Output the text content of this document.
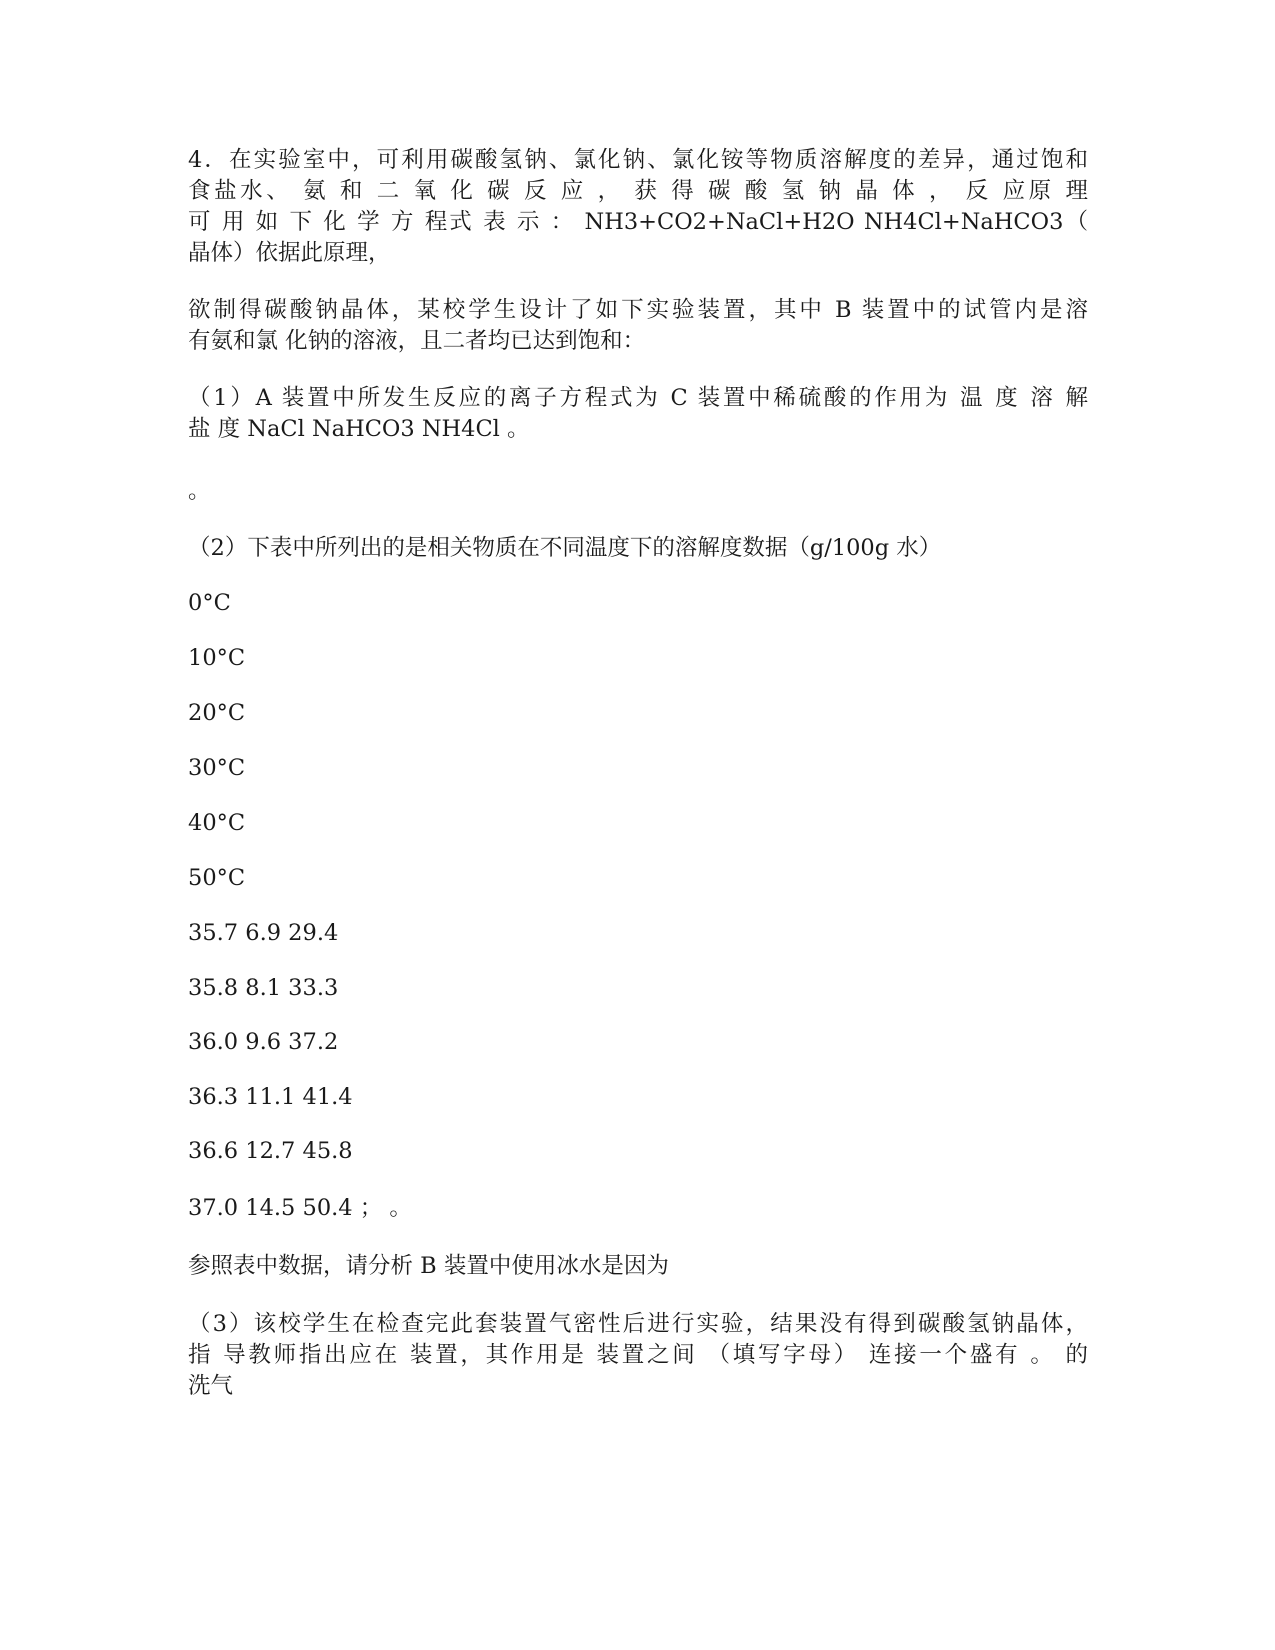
4．在实验室中，可利用碳酸氢钠、氯化钠、氯化铵等物质溶解度的差异，通过饱和
食盐水、 氨 和 二 氧 化 碳 反 应 ， 获 得 碳 酸 氢 钠 晶 体 ， 反 应原 理
可 用 如 下 化 学 方 程式 表 示 ： NH3+CO2+NaCl+H2O NH4Cl+NaHCO3（
晶体）依据此原理，
欲制得碳酸钠晶体，某校学生设计了如下实验装置，其中 B 装置中的试管内是溶
有氨和氯 化钠的溶液，且二者均已达到饱和：
（1）A 装置中所发生反应的离子方程式为 C 装置中稀硫酸的作用为 温 度 溶 解
盐 度 NaCl NaHCO3 NH4Cl 。
。
（2）下表中所列出的是相关物质在不同温度下的溶解度数据（g/100g 水）
0°C
10°C
20°C
30°C
40°C
50°C
35.7 6.9 29.4
35.8 8.1 33.3
36.0 9.6 37.2
36.3 11.1 41.4
36.6 12.7 45.8
37.0 14.5 50.4 ； 。
参照表中数据，请分析 B 装置中使用冰水是因为
（3）该校学生在检查完此套装置气密性后进行实验，结果没有得到碳酸氢钠晶体，
指 导教师指出应在 装置，其作用是 装置之间 （填写字母） 连接一个盛有 。 的
洗气
